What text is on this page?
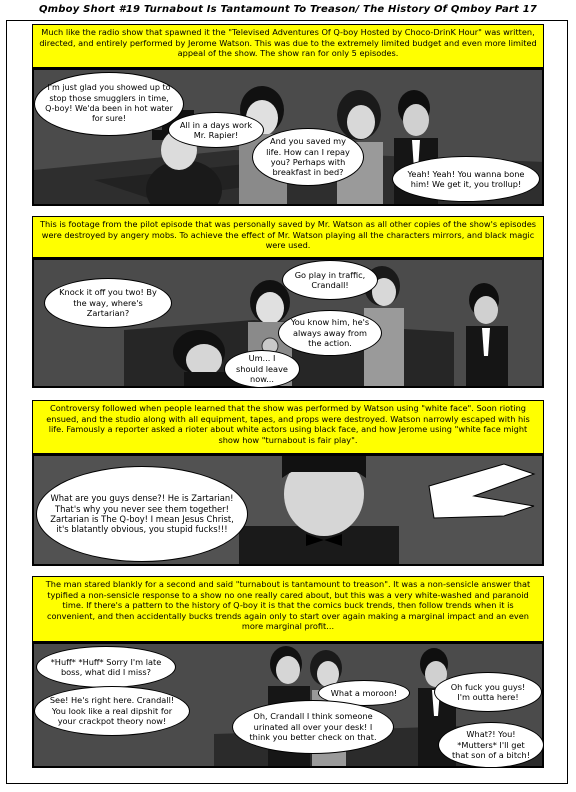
Qmboy Short #19 Turnabout Is Tantamount To Treason/ The History Of Qmboy Part 17
Much like the radio show that spawned it the "Televised Adventures Of Q-boy Hosted by Choco-DrinK Hour" was written, directed, and entirely performed by Jerome Watson. This was due to the extremely limited budget and even more limited appeal of the show. The show ran for only 5 episodes.
I'm just glad you showed up to stop those smugglers in time, Q-boy! We'da been in hot water for sure!
All in a days work Mr. Rapier!
And you saved my life. How can I repay you? Perhaps with breakfast in bed?	Yeah! Yeah! You wanna bone him! We get it, you trollup!
This is footage from the pilot episode that was personally saved by Mr. Watson as all other copies of the show's episodes were destroyed by angery mobs. To achieve the effect of Mr. Watson playing all the characters mirrors, and black magic were used.
Knock it off you two! By the way, where's Zartarian?
Go play in traffic, Crandall!
You know him, he's always away from the action.
Um... I should leave now...
Controversy followed when people learned that the show was performed by Watson using "white face". Soon rioting ensued, and the studio along with all equipment, tapes, and props were destroyed. Watson narrowly escaped with his life. Famously a reporter asked a rioter about white actors using black face, and how Jerome using "white face might show how "turnabout is fair play".
What are you guys dense?! He is Zartarian! That's why you never see them together! Zartarian is The Q-boy! I mean Jesus Christ, it's blatantly obvious, you stupid fucks!!!
The man stared blankly for a second and said "turnabout is tantamount to treason". It was a non-sensicle answer that typified a non-sensicle response to a show no one really cared about, but this was a very white-washed and paranoid time. If there's a pattern to the history of Q-boy it is that the comics buck trends, then follow trends when it is convenient, and then accidentally bucks trends again only to start over again making a marginal impact and an even more marginal profit...
*Huff* *Huff* Sorry I'm late boss, what did I miss?
See! He's right here. Crandall! You look like a real dipshit for your crackpot theory now!
What a moroon!
Oh fuck you guys! I'm outta here!
Oh, Crandall I think someone urinated all over your desk! I think you better check on that.	What?! You! *Mutters* I'll get that son of a bitch!
